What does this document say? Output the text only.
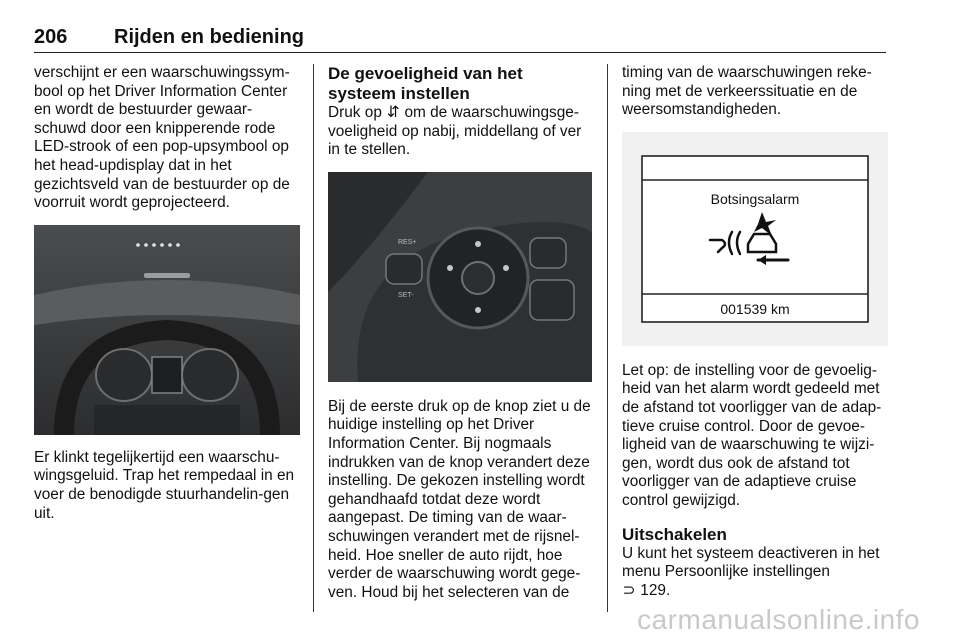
206 Rijden en bediening

verschijnt er een waarschuwingssym‐bool op het Driver Information Center en wordt de bestuurder gewaar‐schuwd door een knipperende rode LED-strook of een pop-upsymbool op het head-updisplay dat in het gezichtsveld van de bestuurder op de voorruit wordt geprojecteerd.

Er klinkt tegelijkertijd een waarschu‐wingsgeluid. Trap het rempedaal in en voer de benodigde stuurhandelin‐gen uit.

De gevoeligheid van het systeem instellen

Druk op ⇵ om de waarschuwingsge‐voeligheid op nabij, middellang of ver in te stellen.

RES+
SET-

Bij de eerste druk op de knop ziet u de huidige instelling op het Driver Information Center. Bij nogmaals indrukken van de knop verandert deze instelling. De gekozen instelling wordt gehandhaafd totdat deze wordt aangepast. De timing van de waar‐schuwingen verandert met de rijsnel‐heid. Hoe sneller de auto rijdt, hoe verder de waarschuwing wordt gege‐ven. Houd bij het selecteren van de

timing van de waarschuwingen reke‐ning met de verkeerssituatie en de weersomstandigheden.

Botsingsalarm
001539 km

Let op: de instelling voor de gevoelig‐heid van het alarm wordt gedeeld met de afstand tot voorligger van de adap‐tieve cruise control. Door de gevoe‐ligheid van de waarschuwing te wijzi‐gen, wordt dus ook de afstand tot voorligger van de adaptieve cruise control gewijzigd.

Uitschakelen

U kunt het systeem deactiveren in het menu Persoonlijke instellingen
⊃ 129.

carmanualsonline.info
